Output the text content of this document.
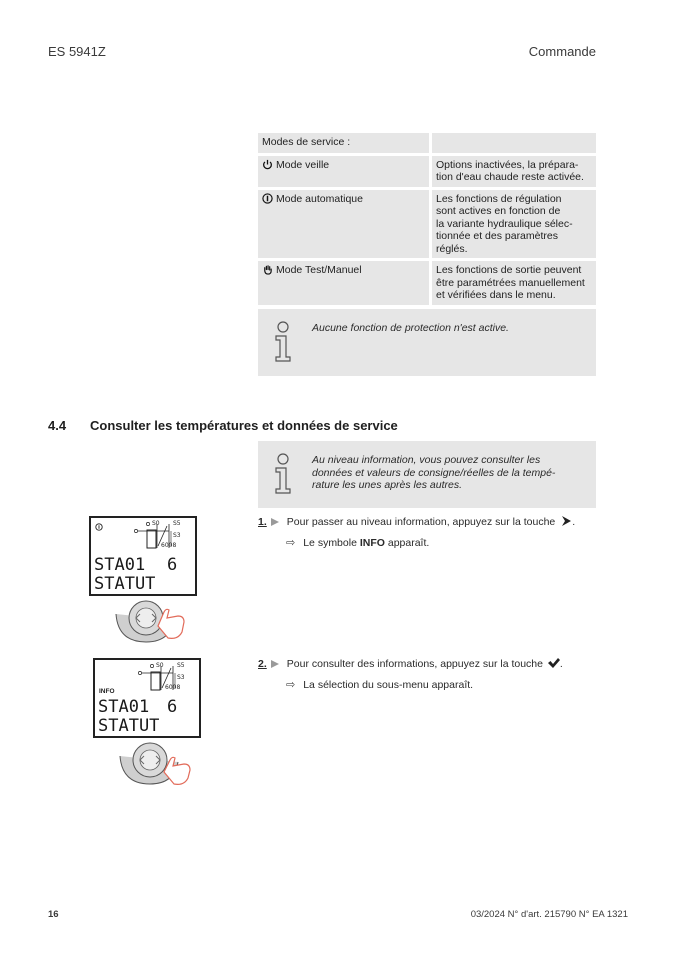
ES 5941Z	Commande
Modes de service :	
Mode veille	Options inactivées, la prépara-
tion d'eau chaude reste activée.

Mode automatique	Les fonctions de régulation
sont actives en fonction de
la variante hydraulique sélec-
tionnée et des paramètres
réglés.

Mode Test/Manuel	Les fonctions de sortie peuvent
être paramétrées manuellement
et vérifiées dans le menu.
Aucune fonction de protection n'est active.
4.4 Consulter les températures et données de service
Au niveau information, vous pouvez consulter les
données et valeurs de consigne/réelles de la tempé-
rature les unes après les autres.
S0 S5
S3
6008
STA01 6
STATUT
1. Pour passer au niveau information, appuyez sur la touche .
⇨ Le symbole INFO apparaît.
INFO
S0 S5
S3
6008
STA01 6
STATUT
2. Pour consulter des informations, appuyez sur la touche .
⇨ La sélection du sous-menu apparaît.
16	03/2024 N° d'art. 215790 N° EA 1321
